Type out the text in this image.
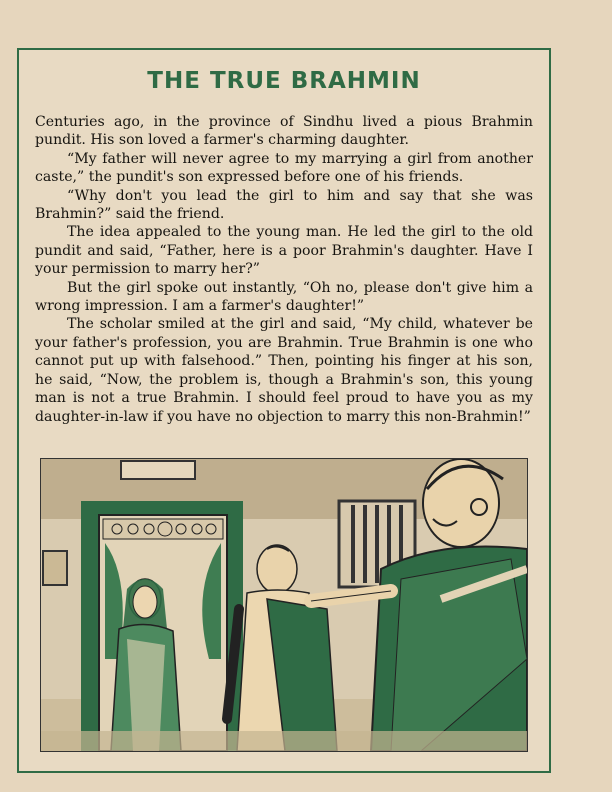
THE TRUE BRAHMIN

Centuries ago, in the province of Sindhu lived a pious Brahmin pundit. His son loved a farmer's charming daughter.

“My father will never agree to my marrying a girl from another caste,” the pundit's son expressed before one of his friends.

“Why don't you lead the girl to him and say that she was Brahmin?” said the friend.

The idea appealed to the young man. He led the girl to the old pundit and said, “Father, here is a poor Brahmin's daughter. Have I your permission to marry her?”

But the girl spoke out instantly, “Oh no, please don't give him a wrong impression. I am a farmer's daughter!”

The scholar smiled at the girl and said, “My child, whatever be your father's profession, you are Brahmin. True Brahmin is one who cannot put up with falsehood.” Then, pointing his finger at his son, he said, “Now, the problem is, though a Brahmin's son, this young man is not a true Brahmin. I should feel proud to have you as my daughter-in-law if you have no objection to marry this non-Brahmin!”
